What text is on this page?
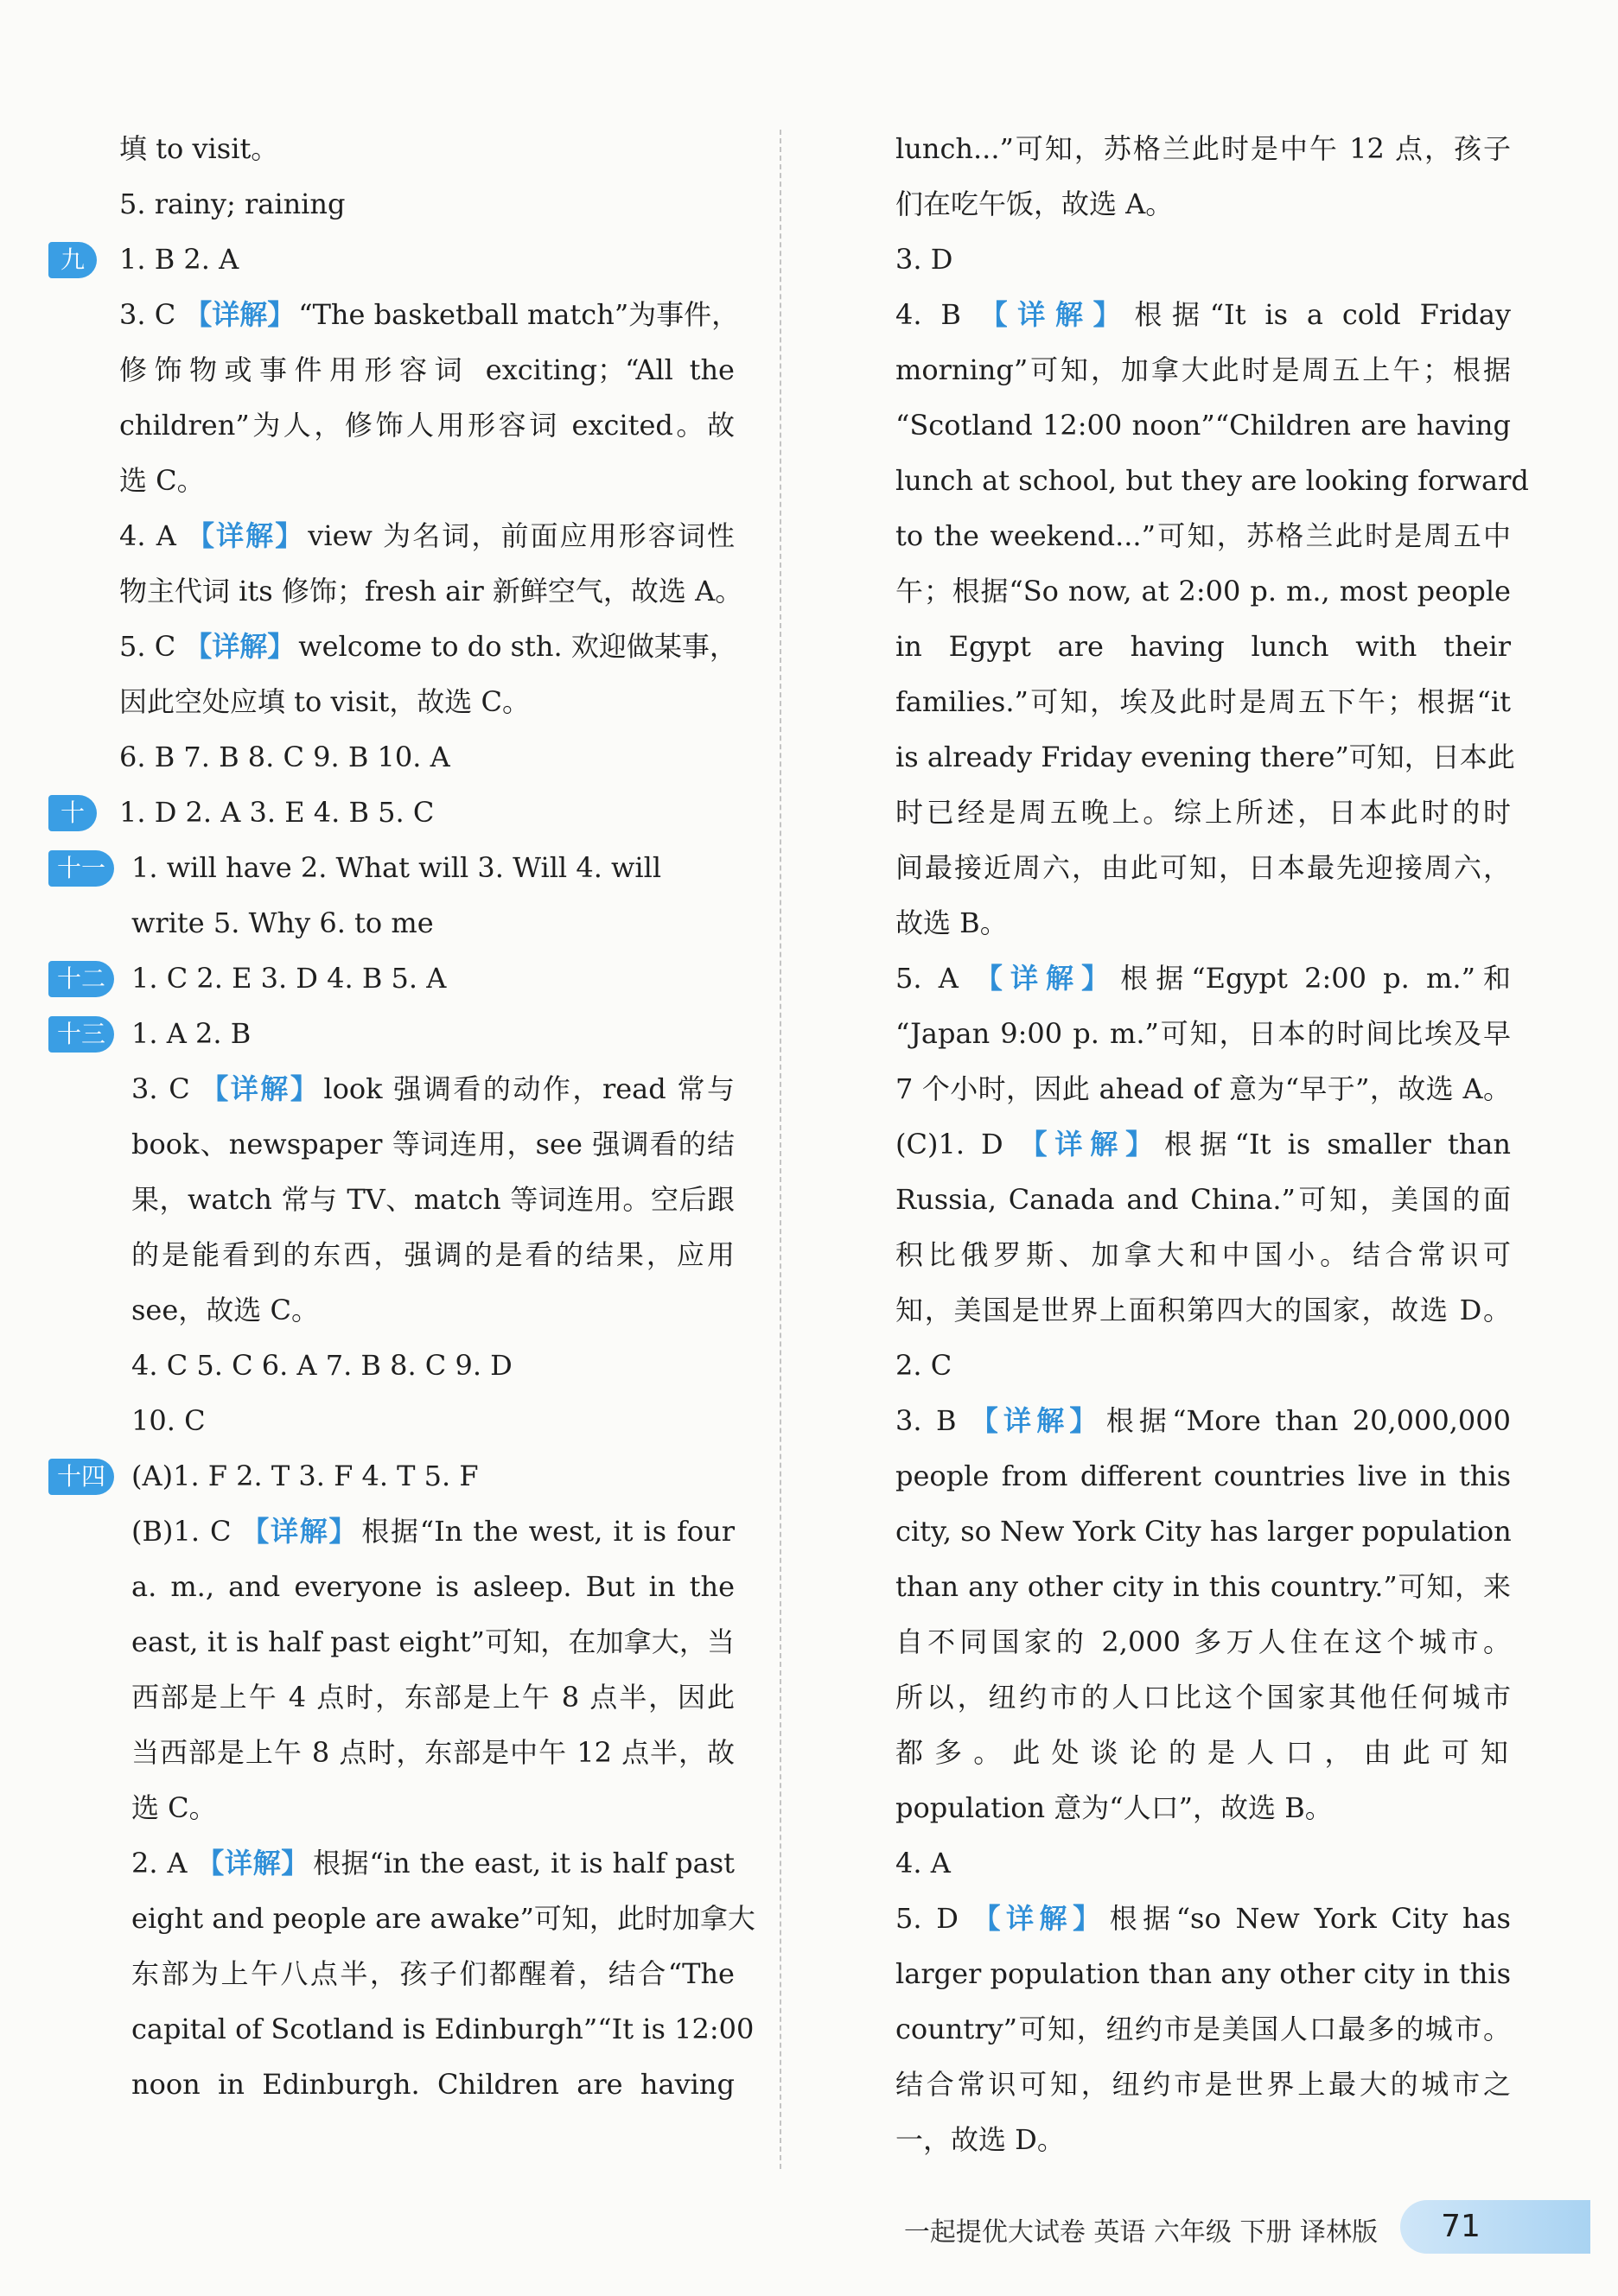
填 to visit。
5. rainy; raining
九	1. B 2. A
3. C 【详解】 “The basketball match”为事件，
修饰物或事件用形容词 exciting；“All the
children”为人，修饰人用形容词 excited。故
选 C。
4. A 【详解】 view 为名词，前面应用形容词性
物主代词 its 修饰；fresh air 新鲜空气，故选 A。
5. C 【详解】 welcome to do sth. 欢迎做某事，
因此空处应填 to visit，故选 C。
6. B 7. B 8. C 9. B 10. A
十	1. D 2. A 3. E 4. B 5. C
十一 1. will have 2. What will 3. Will 4. will
write 5. Why 6. to me
十二 1. C 2. E 3. D 4. B 5. A
十三 1. A 2. B
3. C 【详解】 look 强调看的动作，read 常与
book、newspaper 等词连用，see 强调看的结
果，watch 常与 TV、match 等词连用。空后跟
的是能看到的东西，强调的是看的结果，应用
see，故选 C。
4. C 5. C 6. A 7. B 8. C 9. D
10. C
十四 (A)1. F 2. T 3. F 4. T 5. F
(B)1. C 【详解】 根据“In the west, it is four
a. m., and everyone is asleep. But in the
east, it is half past eight”可知，在加拿大，当
西部是上午 4 点时，东部是上午 8 点半，因此
当西部是上午 8 点时，东部是中午 12 点半，故
选 C。
2. A 【详解】 根据“in the east, it is half past
eight and people are awake”可知，此时加拿大
东部为上午八点半，孩子们都醒着，结合“The
capital of Scotland is Edinburgh”“It is 12:00
noon in Edinburgh. Children are having
lunch...”可知，苏格兰此时是中午 12 点，孩子
们在吃午饭，故选 A。
3. D
4. B 【详解】 根据“It is a cold Friday
morning”可知，加拿大此时是周五上午；根据
“Scotland 12:00 noon”“Children are having
lunch at school, but they are looking forward
to the weekend...”可知，苏格兰此时是周五中
午；根据“So now, at 2:00 p. m., most people
in Egypt are having lunch with their
families.”可知，埃及此时是周五下午；根据“it
is already Friday evening there”可知，日本此
时已经是周五晚上。综上所述，日本此时的时
间最接近周六，由此可知，日本最先迎接周六，
故选 B。
5. A 【详解】 根据“Egypt 2:00 p. m.”和
“Japan 9:00 p. m.”可知，日本的时间比埃及早
7 个小时，因此 ahead of 意为“早于”，故选 A。
(C)1. D 【详解】 根据“It is smaller than
Russia, Canada and China.”可知，美国的面
积比俄罗斯、加拿大和中国小。结合常识可
知，美国是世界上面积第四大的国家，故选 D。
2. C
3. B 【详解】 根据“More than 20,000,000
people from different countries live in this
city, so New York City has larger population
than any other city in this country.”可知，来
自不同国家的 2,000 多万人住在这个城市。
所以，纽约市的人口比这个国家其他任何城市
都多。此处谈论的是人口，由此可知
population 意为“人口”，故选 B。
4. A
5. D 【详解】 根据“so New York City has
larger population than any other city in this
country”可知，纽约市是美国人口最多的城市。
结合常识可知，纽约市是世界上最大的城市之
一，故选 D。
一起提优大试卷 英语 六年级 下册 译林版	71
